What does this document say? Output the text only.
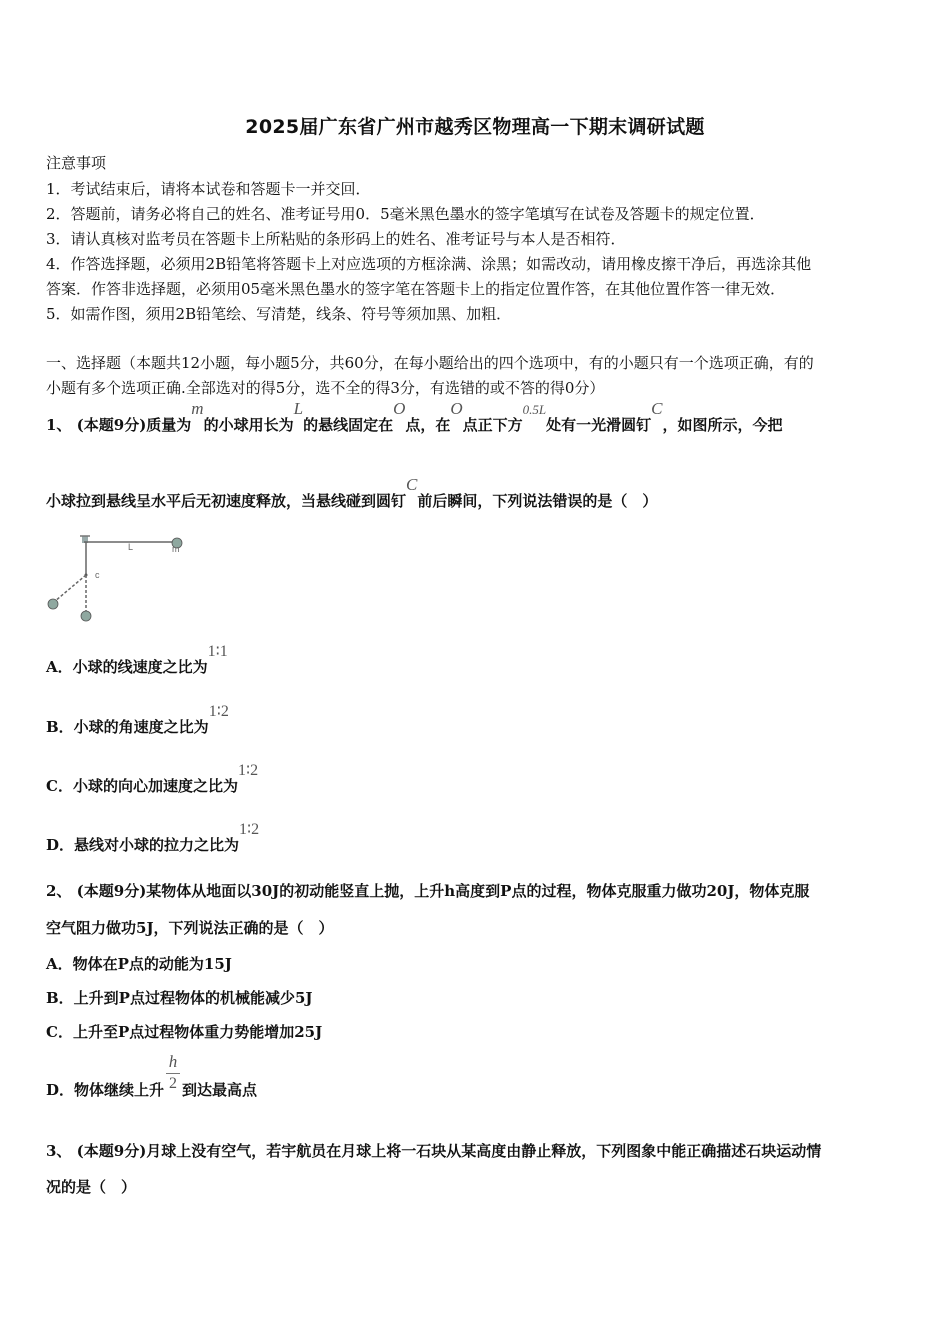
2025届广东省广州市越秀区物理高一下期末调研试题
注意事项
1．考试结束后，请将本试卷和答题卡一并交回．
2．答题前，请务必将自己的姓名、准考证号用0．5毫米黑色墨水的签字笔填写在试卷及答题卡的规定位置．
3．请认真核对监考员在答题卡上所粘贴的条形码上的姓名、准考证号与本人是否相符．
4．作答选择题，必须用2B铅笔将答题卡上对应选项的方框涂满、涂黑；如需改动，请用橡皮擦干净后，再选涂其他
答案．作答非选择题，必须用05毫米黑色墨水的签字笔在答题卡上的指定位置作答，在其他位置作答一律无效．
5．如需作图，须用2B铅笔绘、写清楚，线条、符号等须加黑、加粗．
一、选择题（本题共12小题，每小题5分，共60分，在每小题给出的四个选项中，有的小题只有一个选项正确，有的
小题有多个选项正确.全部选对的得5分，选不全的得3分，有选错的或不答的得0分）
1、 (本题9分)质量为m的小球用长为L的悬线固定在O点，在O点正下方0.5L处有一光滑圆钉C，如图所示，今把
小球拉到悬线呈水平后无初速度释放，当悬线碰到圆钉C前后瞬间，下列说法错误的是（　）
L	m
c
A．小球的线速度之比为1∶1
B．小球的角速度之比为1∶2
C．小球的向心加速度之比为1∶2
D．悬线对小球的拉力之比为1∶2
2、 (本题9分)某物体从地面以30J的初动能竖直上抛，上升h高度到P点的过程，物体克服重力做功20J，物体克服
空气阻力做功5J，下列说法正确的是（　）
A．物体在P点的动能为15J
B．上升到P点过程物体的机械能减少5J
C．上升至P点过程物体重力势能增加25J
D．物体继续上升 $\frac{h}{2}$ 到达最高点
3、 (本题9分)月球上没有空气，若宇航员在月球上将一石块从某高度由静止释放，下列图象中能正确描述石块运动情
况的是（　）
